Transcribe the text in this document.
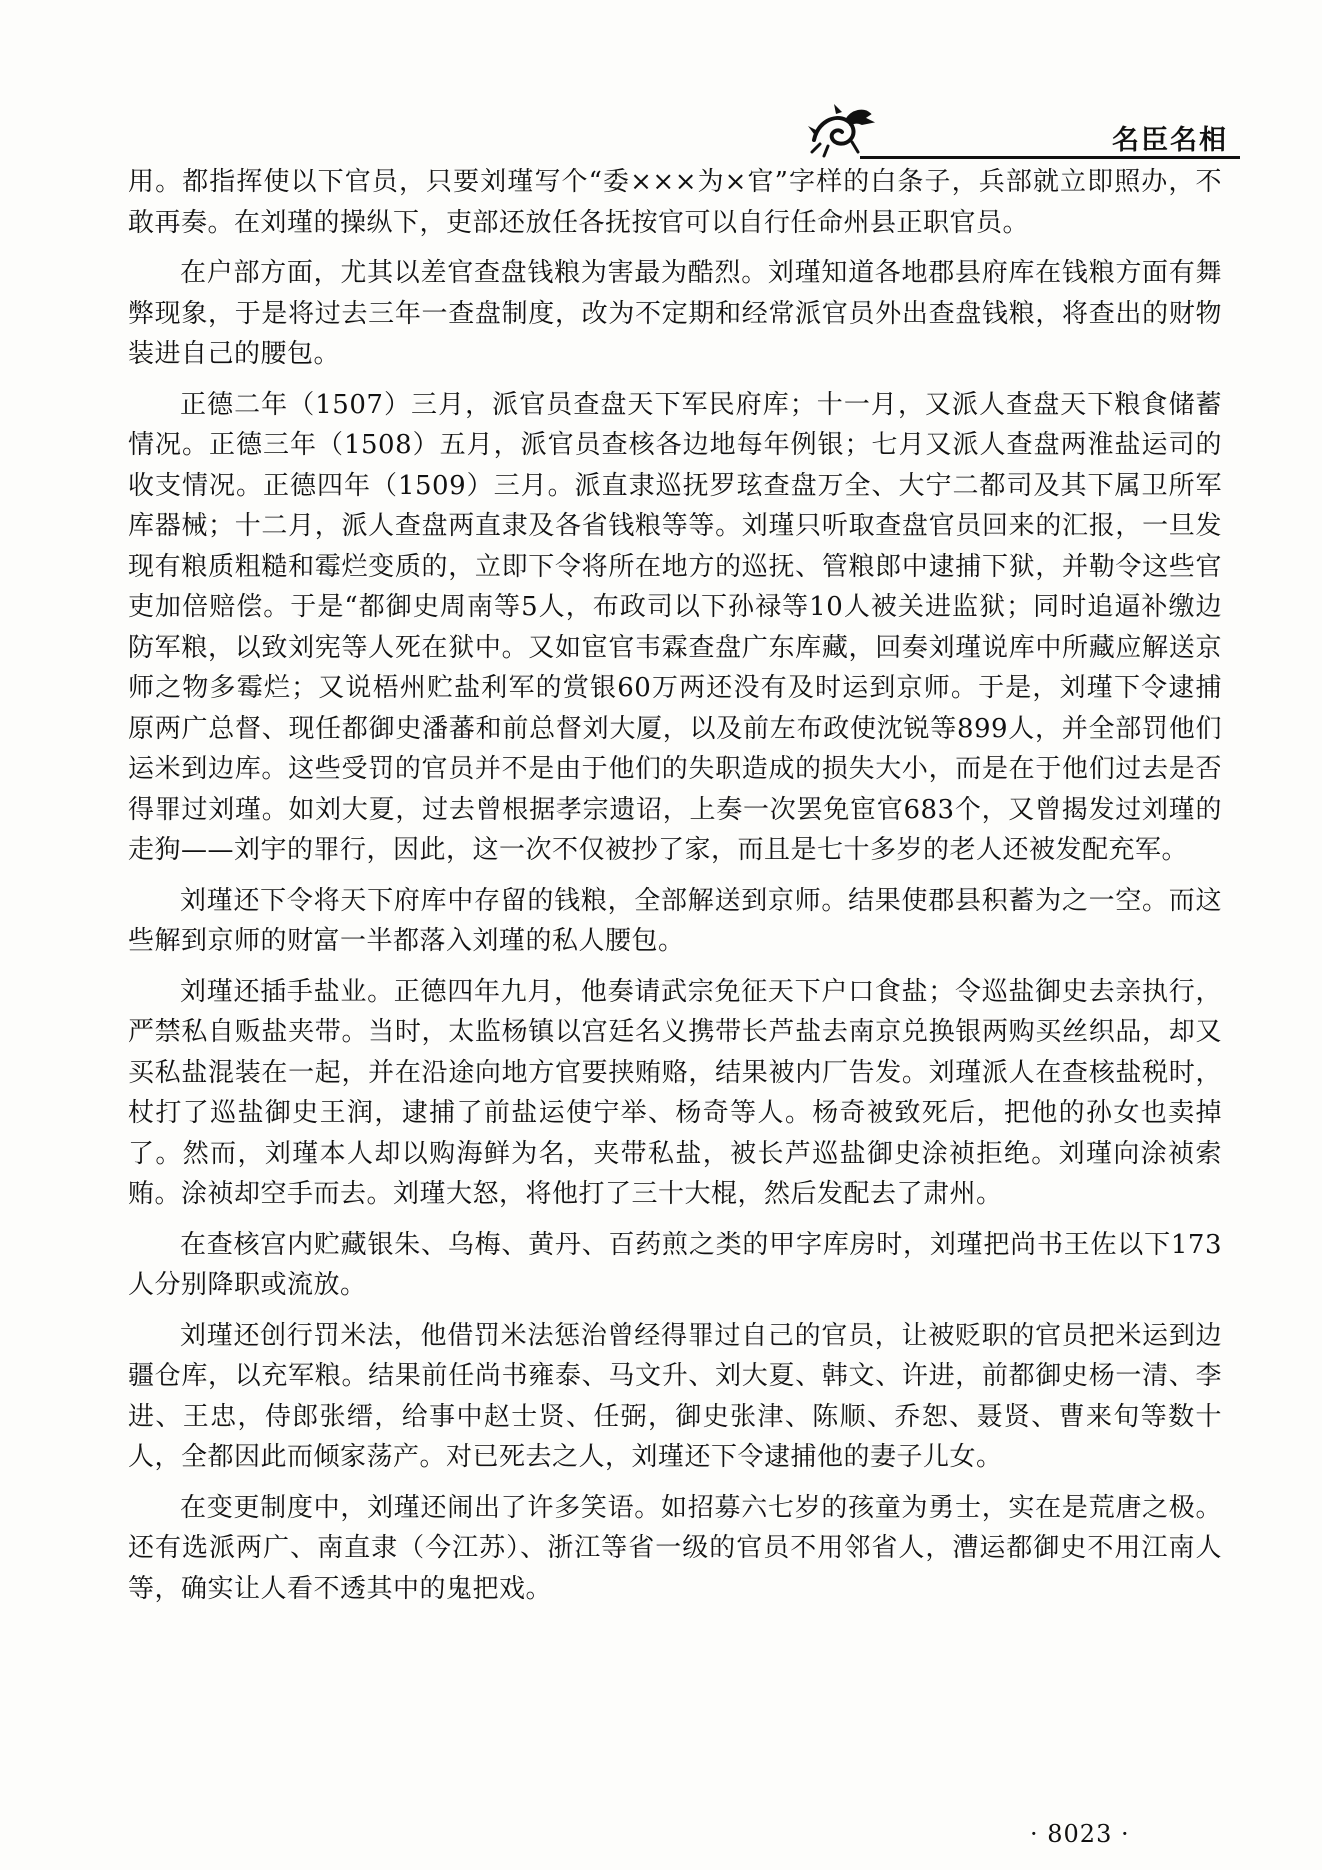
名臣名相

用。都指挥使以下官员，只要刘瑾写个“委×××为×官”字样的白条子，兵部就立即照办，不敢再奏。在刘瑾的操纵下，吏部还放任各抚按官可以自行任命州县正职官员。

在户部方面，尤其以差官查盘钱粮为害最为酷烈。刘瑾知道各地郡县府库在钱粮方面有舞弊现象，于是将过去三年一查盘制度，改为不定期和经常派官员外出查盘钱粮，将查出的财物装进自己的腰包。

正德二年（1507）三月，派官员查盘天下军民府库；十一月，又派人查盘天下粮食储蓄情况。正德三年（1508）五月，派官员查核各边地每年例银；七月又派人查盘两淮盐运司的收支情况。正德四年（1509）三月。派直隶巡抚罗玹查盘万全、大宁二都司及其下属卫所军库器械；十二月，派人查盘两直隶及各省钱粮等等。刘瑾只听取查盘官员回来的汇报，一旦发现有粮质粗糙和霉烂变质的，立即下令将所在地方的巡抚、管粮郎中逮捕下狱，并勒令这些官吏加倍赔偿。于是“都御史周南等5人，布政司以下孙禄等10人被关进监狱；同时追逼补缴边防军粮，以致刘宪等人死在狱中。又如宦官韦霖查盘广东库藏，回奏刘瑾说库中所藏应解送京师之物多霉烂；又说梧州贮盐利军的赏银60万两还没有及时运到京师。于是，刘瑾下令逮捕原两广总督、现任都御史潘蕃和前总督刘大厦，以及前左布政使沈锐等899人，并全部罚他们运米到边库。这些受罚的官员并不是由于他们的失职造成的损失大小，而是在于他们过去是否得罪过刘瑾。如刘大夏，过去曾根据孝宗遗诏，上奏一次罢免宦官683个，又曾揭发过刘瑾的走狗——刘宇的罪行，因此，这一次不仅被抄了家，而且是七十多岁的老人还被发配充军。

刘瑾还下令将天下府库中存留的钱粮，全部解送到京师。结果使郡县积蓄为之一空。而这些解到京师的财富一半都落入刘瑾的私人腰包。

刘瑾还插手盐业。正德四年九月，他奏请武宗免征天下户口食盐；令巡盐御史去亲执行，严禁私自贩盐夹带。当时，太监杨镇以宫廷名义携带长芦盐去南京兑换银两购买丝织品，却又买私盐混装在一起，并在沿途向地方官要挟贿赂，结果被内厂告发。刘瑾派人在查核盐税时，杖打了巡盐御史王润，逮捕了前盐运使宁举、杨奇等人。杨奇被致死后，把他的孙女也卖掉了。然而，刘瑾本人却以购海鲜为名，夹带私盐，被长芦巡盐御史涂祯拒绝。刘瑾向涂祯索贿。涂祯却空手而去。刘瑾大怒，将他打了三十大棍，然后发配去了肃州。

在查核宫内贮藏银朱、乌梅、黄丹、百药煎之类的甲字库房时，刘瑾把尚书王佐以下173人分别降职或流放。

刘瑾还创行罚米法，他借罚米法惩治曾经得罪过自己的官员，让被贬职的官员把米运到边疆仓库，以充军粮。结果前任尚书雍泰、马文升、刘大夏、韩文、许进，前都御史杨一清、李进、王忠，侍郎张缙，给事中赵士贤、任弼，御史张津、陈顺、乔恕、聂贤、曹来旬等数十人，全都因此而倾家荡产。对已死去之人，刘瑾还下令逮捕他的妻子儿女。

在变更制度中，刘瑾还闹出了许多笑语。如招募六七岁的孩童为勇士，实在是荒唐之极。还有选派两广、南直隶（今江苏）、浙江等省一级的官员不用邻省人，漕运都御史不用江南人等，确实让人看不透其中的鬼把戏。

· 8023 ·
